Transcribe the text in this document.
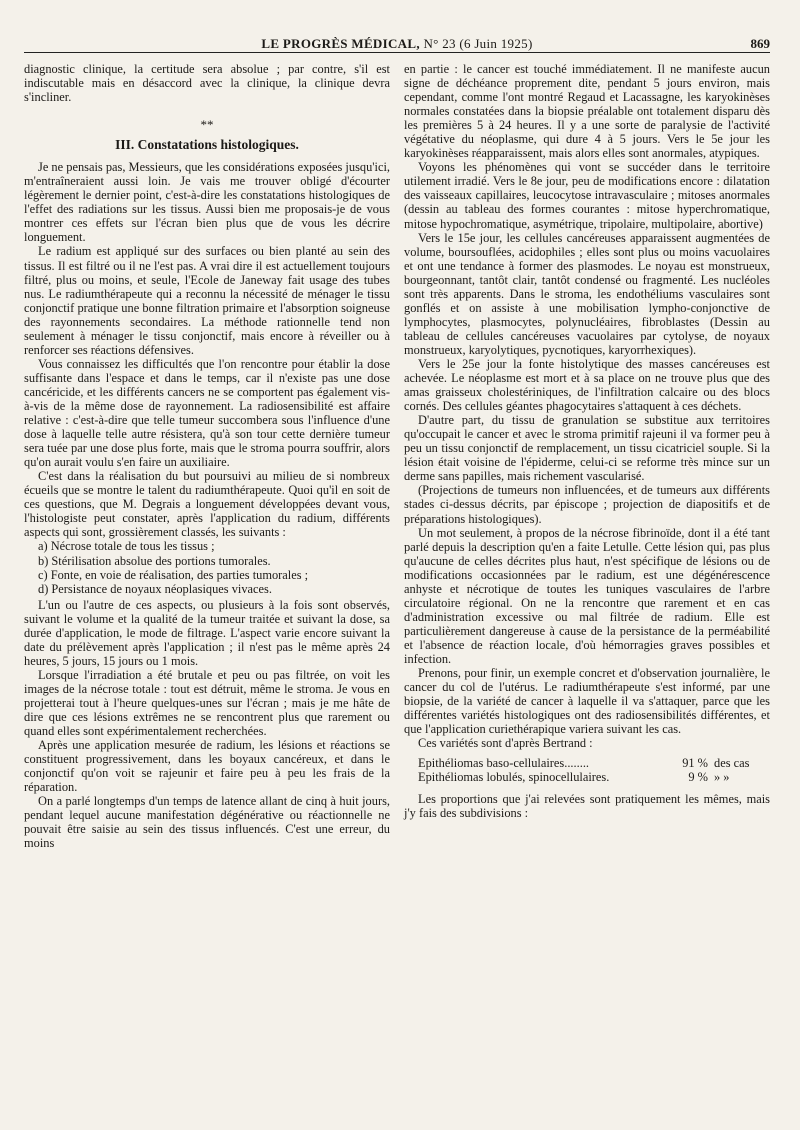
LE PROGRÈS MÉDICAL, N° 23 (6 Juin 1925)	869

diagnostic clinique, la certitude sera absolue ; par contre, s'il est indiscutable mais en désaccord avec la clinique, la clinique devra s'incliner.

**
III. Constatations histologiques.

Je ne pensais pas, Messieurs, que les considérations exposées jusqu'ici, m'entraîneraient aussi loin. Je vais me trouver obligé d'écourter légèrement le dernier point, c'est-à-dire les constatations histologiques de l'effet des radiations sur les tissus. Aussi bien me proposais-je de vous montrer ces effets sur l'écran bien plus que de vous les décrire longuement.

Le radium est appliqué sur des surfaces ou bien planté au sein des tissus. Il est filtré ou il ne l'est pas. A vrai dire il est actuellement toujours filtré, plus ou moins, et seule, l'Ecole de Janeway fait usage des tubes nus. Le radiumthérapeute qui a reconnu la nécessité de ménager le tissu conjonctif pratique une bonne filtration primaire et l'absorption soigneuse des rayonnements secondaires. La méthode rationnelle tend non seulement à ménager le tissu conjonctif, mais encore à réveiller ou à renforcer ses réactions défensives.

Vous connaissez les difficultés que l'on rencontre pour établir la dose suffisante dans l'espace et dans le temps, car il n'existe pas une dose cancéricide, et les différents cancers ne se comportent pas également vis-à-vis de la même dose de rayonnement. La radiosensibilité est affaire relative : c'est-à-dire que telle tumeur succombera sous l'influence d'une dose à laquelle telle autre résistera, qu'à son tour cette dernière tumeur sera tuée par une dose plus forte, mais que le stroma pourra souffrir, alors qu'on aurait voulu s'en faire un auxiliaire.

C'est dans la réalisation du but poursuivi au milieu de si nombreux écueils que se montre le talent du radiumthérapeute. Quoi qu'il en soit de ces questions, que M. Degrais a longuement développées devant vous, l'histologiste peut constater, après l'application du radium, différents aspects qui sont, grossièrement classés, les suivants :

a) Nécrose totale de tous les tissus ;

b) Stérilisation absolue des portions tumorales.

c) Fonte, en voie de réalisation, des parties tumorales ;

d) Persistance de noyaux néoplasiques vivaces.

L'un ou l'autre de ces aspects, ou plusieurs à la fois sont observés, suivant le volume et la qualité de la tumeur traitée et suivant la dose, sa durée d'application, le mode de filtrage. L'aspect varie encore suivant la date du prélèvement après l'application ; il n'est pas le même après 24 heures, 5 jours, 15 jours ou 1 mois.

Lorsque l'irradiation a été brutale et peu ou pas filtrée, on voit les images de la nécrose totale : tout est détruit, même le stroma. Je vous en projetterai tout à l'heure quelques-unes sur l'écran ; mais je me hâte de dire que ces lésions extrêmes ne se rencontrent plus que rarement ou quand elles sont expérimentalement recherchées.

Après une application mesurée de radium, les lésions et réactions se constituent progressivement, dans les boyaux cancéreux, et dans le conjonctif qu'on voit se rajeunir et faire peu à peu les frais de la réparation.

On a parlé longtemps d'un temps de latence allant de cinq à huit jours, pendant lequel aucune manifestation dégénérative ou réactionnelle ne pouvait être saisie au sein des tissus influencés. C'est une erreur, du moins

en partie : le cancer est touché immédiatement. Il ne manifeste aucun signe de déchéance proprement dite, pendant 5 jours environ, mais cependant, comme l'ont montré Regaud et Lacassagne, les karyokinèses normales constatées dans la biopsie préalable ont totalement disparu dès les premières 5 à 24 heures. Il y a une sorte de paralysie de l'activité végétative du néoplasme, qui dure 4 à 5 jours. Vers le 5e jour les karyokinèses réapparaissent, mais alors elles sont anormales, atypiques.

Voyons les phénomènes qui vont se succéder dans le territoire utilement irradié. Vers le 8e jour, peu de modifications encore : dilatation des vaisseaux capillaires, leucocytose intravasculaire ; mitoses anormales (dessin au tableau des formes courantes : mitose hyperchromatique, mitose hypochromatique, asymétrique, tripolaire, multipolaire, abortive)

Vers le 15e jour, les cellules cancéreuses apparaissent augmentées de volume, boursouflées, acidophiles ; elles sont plus ou moins vacuolaires et ont une tendance à former des plasmodes. Le noyau est monstrueux, bourgeonnant, tantôt clair, tantôt condensé ou fragmenté. Les nucléoles sont très apparents. Dans le stroma, les endothéliums vasculaires sont gonflés et on assiste à une mobilisation lympho-conjonctive de lymphocytes, plasmocytes, polynucléaires, fibroblastes (Dessin au tableau de cellules cancéreuses vacuolaires par cytolyse, de noyaux monstrueux, karyolytiques, pycnotiques, karyorrhexiques).

Vers le 25e jour la fonte histolytique des masses cancéreuses est achevée. Le néoplasme est mort et à sa place on ne trouve plus que des amas graisseux cholestériniques, de l'infiltration calcaire ou des blocs cornés. Des cellules géantes phagocytaires s'attaquent à ces déchets.

D'autre part, du tissu de granulation se substitue aux territoires qu'occupait le cancer et avec le stroma primitif rajeuni il va former peu à peu un tissu conjonctif de remplacement, un tissu cicatriciel souple. Si la lésion était voisine de l'épiderme, celui-ci se reforme très mince sur un derme sans papilles, mais richement vascularisé.

(Projections de tumeurs non influencées, et de tumeurs aux différents stades ci-dessus décrits, par épiscope ; projection de diapositifs et de préparations histologiques).

Un mot seulement, à propos de la nécrose fibrinoïde, dont il a été tant parlé depuis la description qu'en a faite Letulle. Cette lésion qui, pas plus qu'aucune de celles décrites plus haut, n'est spécifique de lésions ou de modifications occasionnées par le radium, est une dégénérescence anhyste et nécrotique de toutes les tuniques vasculaires de l'arbre circulatoire régional. On ne la rencontre que rarement et en cas d'administration excessive ou mal filtrée de radium. Elle est particulièrement dangereuse à cause de la persistance de la perméabilité et l'absence de réaction locale, d'où hémorragies graves possibles et infection.

Prenons, pour finir, un exemple concret et d'observation journalière, le cancer du col de l'utérus. Le radiumthérapeute s'est informé, par une biopsie, de la variété de cancer à laquelle il va s'attaquer, parce que les différentes variétés histologiques ont des radiosensibilités différentes, et que l'application curiethérapique variera suivant les cas.

Ces variétés sont d'après Bertrand :

Epithéliomas baso-cellulaires........	91 % des cas
Epithéliomas lobulés, spinocellulaires.	9 % » »

Les proportions que j'ai relevées sont pratiquement les mêmes, mais j'y fais des subdivisions :
